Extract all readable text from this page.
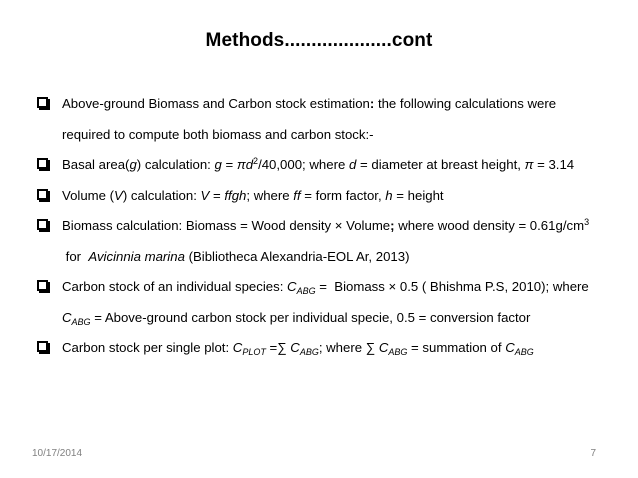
Methods....................cont
Above-ground Biomass and Carbon stock estimation: the following calculations were required to compute both biomass and carbon stock:-
Basal area(g) calculation: $g = \pi d^2/40,000$; where d = diameter at breast height, π = 3.14
Volume (V) calculation: V = ffgh; where ff = form factor, h = height
Biomass calculation: Biomass = Wood density × Volume; where wood density = $0.61g/cm^3$ for  Avicinnia marina (Bibliotheca Alexandria-EOL Ar, 2013)
Carbon stock of an individual species: $C_{ABG}$ =  Biomass × 0.5 ( Bhishma P.S, 2010); where $C_{ABG}$ = Above-ground carbon stock per individual specie, 0.5 = conversion factor
Carbon stock per single plot: $C_{PLOT}$ =∑ $C_{ABG}$; where ∑ $C_{ABG}$ = summation of $C_{ABG}$
10/17/2014	7
